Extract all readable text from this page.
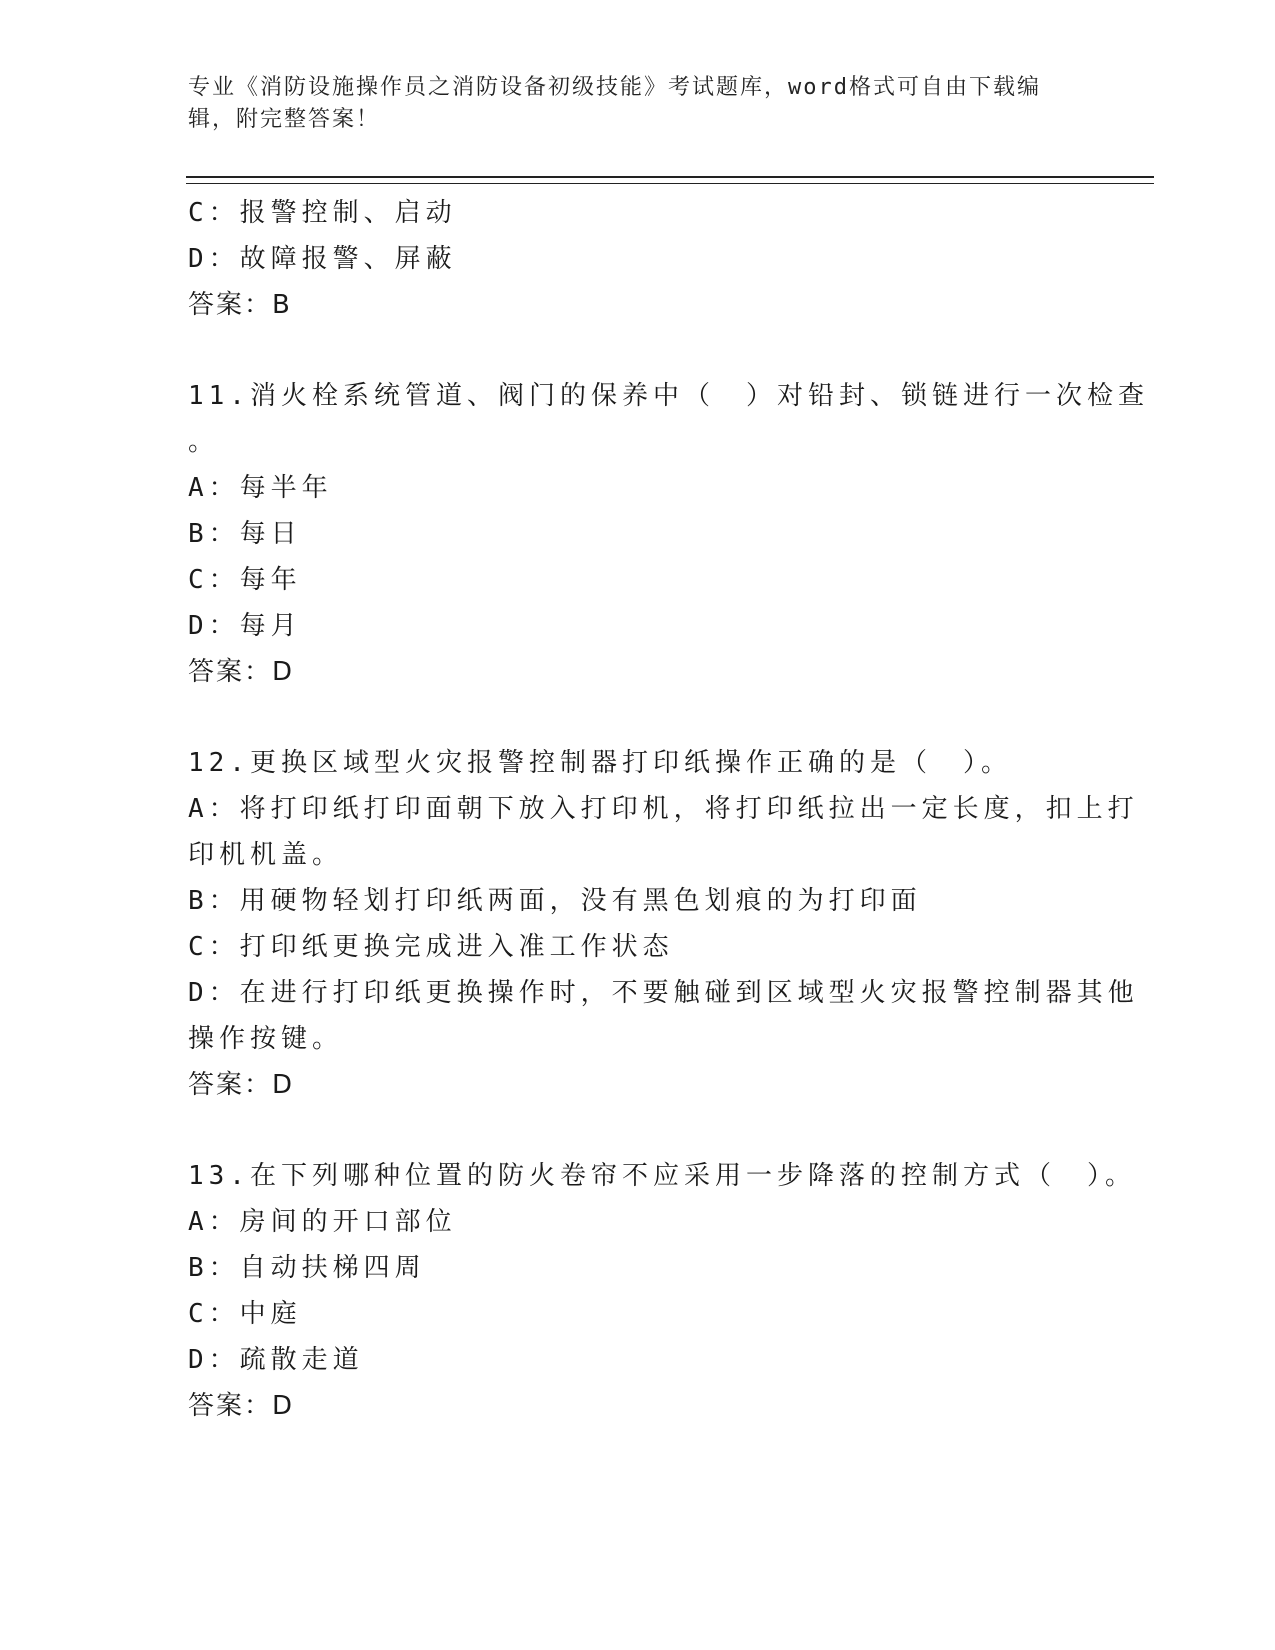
专业《消防设施操作员之消防设备初级技能》考试题库，word格式可自由下载编
辑，附完整答案！
C：报警控制、启动
D：故障报警、屏蔽
答案：B
11.消火栓系统管道、阀门的保养中（　）对铅封、锁链进行一次检查
。
A：每半年
B：每日
C：每年
D：每月
答案：D
12.更换区域型火灾报警控制器打印纸操作正确的是（　）。
A：将打印纸打印面朝下放入打印机，将打印纸拉出一定长度，扣上打
印机机盖。
B：用硬物轻划打印纸两面，没有黑色划痕的为打印面
C：打印纸更换完成进入准工作状态
D：在进行打印纸更换操作时，不要触碰到区域型火灾报警控制器其他
操作按键。
答案：D
13.在下列哪种位置的防火卷帘不应采用一步降落的控制方式（　）。
A：房间的开口部位
B：自动扶梯四周
C：中庭
D：疏散走道
答案：D
